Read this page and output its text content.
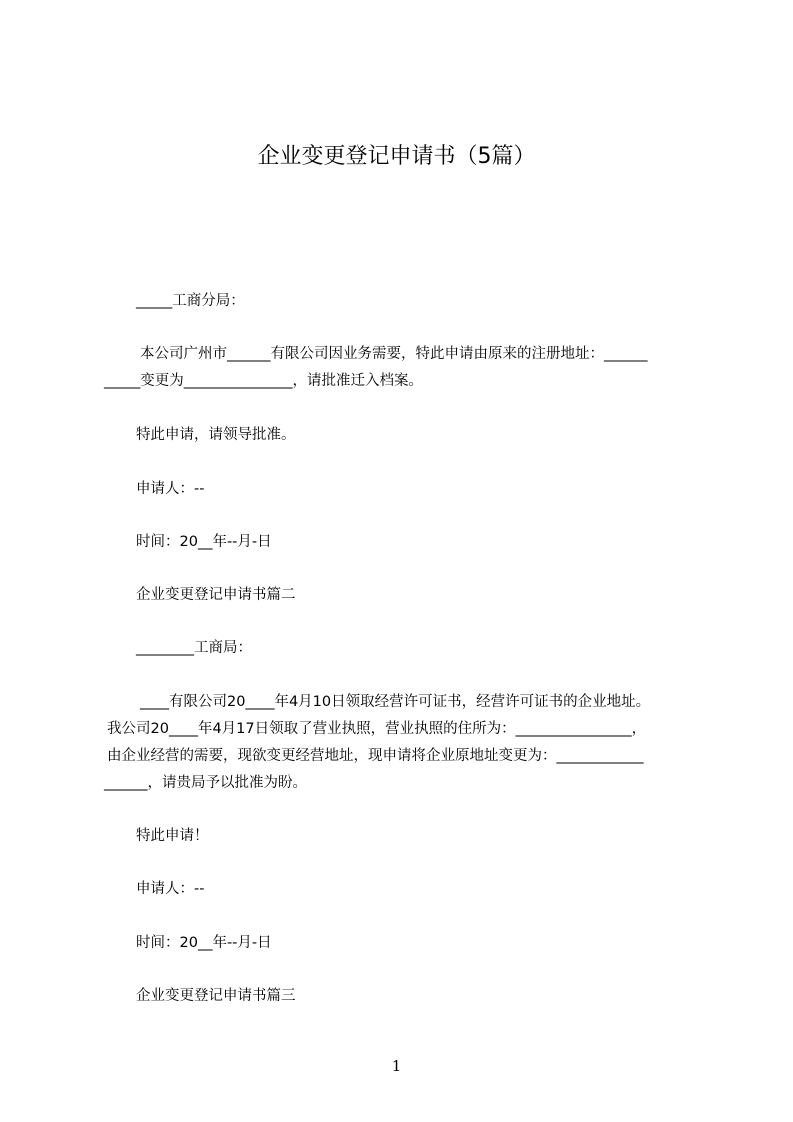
企业变更登记申请书（5篇）
_____工商分局：
本公司广州市______有限公司因业务需要，特此申请由原来的注册地址：______
_____变更为_______________，请批准迁入档案。
特此申请，请领导批准。
申请人：--
时间：20__年--月-日
企业变更登记申请书篇二
________工商局：
____有限公司20____年4月10日领取经营许可证书，经营许可证书的企业地址。
我公司20____年4月17日领取了营业执照，营业执照的住所为：________________，
由企业经营的需要，现欲变更经营地址，现申请将企业原地址变更为：____________
______，请贵局予以批准为盼。
特此申请！
申请人：--
时间：20__年--月-日
企业变更登记申请书篇三
1
